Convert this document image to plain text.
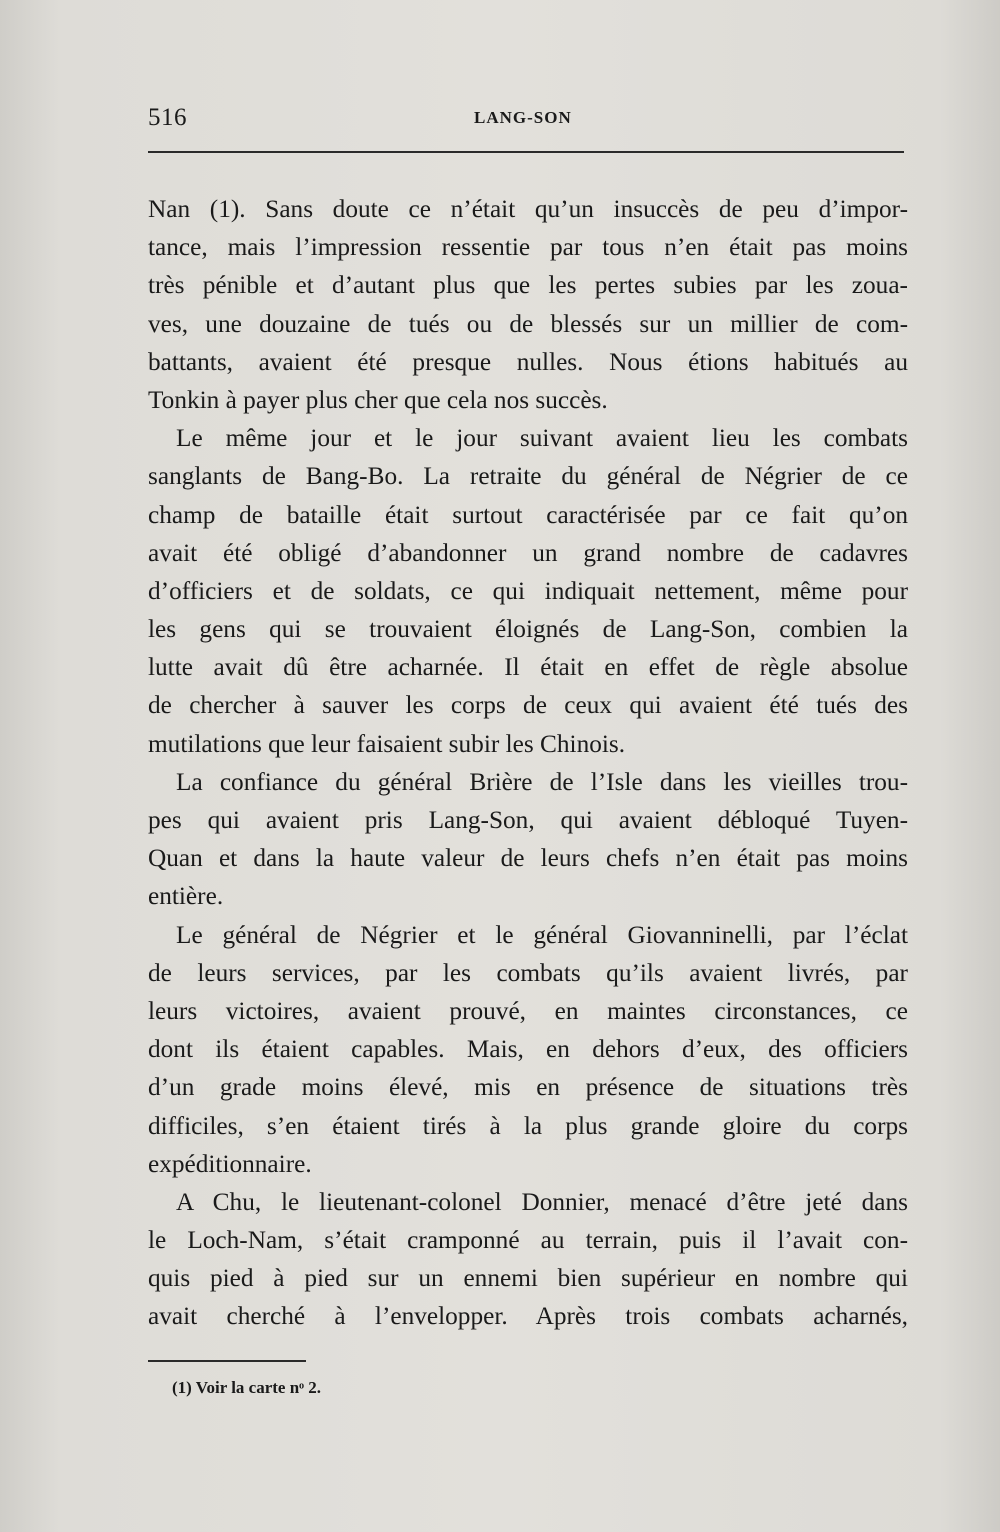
516	LANG-SON
Nan (1). Sans doute ce n’était qu’un insuccès de peu d’impor-
tance, mais l’impression ressentie par tous n’en était pas moins
très pénible et d’autant plus que les pertes subies par les zoua-
ves, une douzaine de tués ou de blessés sur un millier de com-
battants, avaient été presque nulles. Nous étions habitués au
Tonkin à payer plus cher que cela nos succès.
Le même jour et le jour suivant avaient lieu les combats
sanglants de Bang-Bo. La retraite du général de Négrier de ce
champ de bataille était surtout caractérisée par ce fait qu’on
avait été obligé d’abandonner un grand nombre de cadavres
d’officiers et de soldats, ce qui indiquait nettement, même pour
les gens qui se trouvaient éloignés de Lang-Son, combien la
lutte avait dû être acharnée. Il était en effet de règle absolue
de chercher à sauver les corps de ceux qui avaient été tués des
mutilations que leur faisaient subir les Chinois.
La confiance du général Brière de l’Isle dans les vieilles trou-
pes qui avaient pris Lang-Son, qui avaient débloqué Tuyen-
Quan et dans la haute valeur de leurs chefs n’en était pas moins
entière.
Le général de Négrier et le général Giovanninelli, par l’éclat
de leurs services, par les combats qu’ils avaient livrés, par
leurs victoires, avaient prouvé, en maintes circonstances, ce
dont ils étaient capables. Mais, en dehors d’eux, des officiers
d’un grade moins élevé, mis en présence de situations très
difficiles, s’en étaient tirés à la plus grande gloire du corps
expéditionnaire.
A Chu, le lieutenant-colonel Donnier, menacé d’être jeté dans
le Loch-Nam, s’était cramponné au terrain, puis il l’avait con-
quis pied à pied sur un ennemi bien supérieur en nombre qui
avait cherché à l’envelopper. Après trois combats acharnés,
(1) Voir la carte nᵒ 2.
